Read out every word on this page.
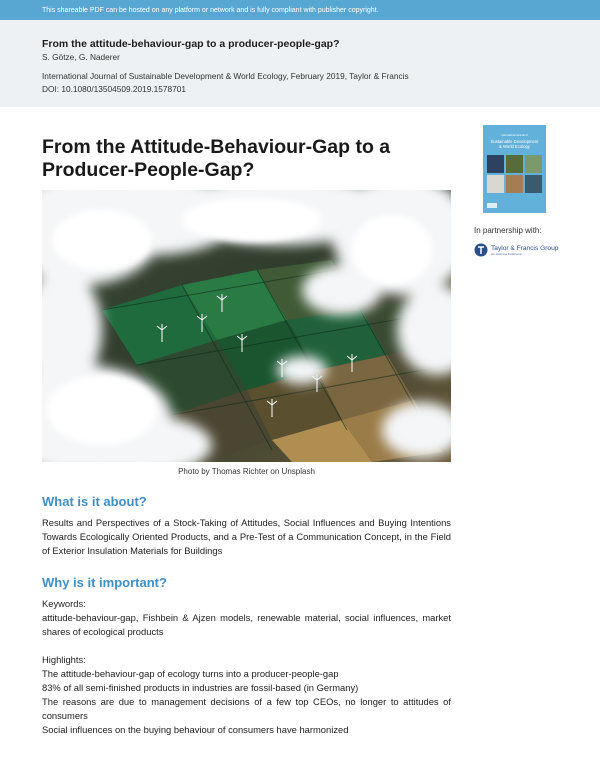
This shareable PDF can be hosted on any platform or network and is fully compliant with publisher copyright.

From the attitude-behaviour-gap to a producer-people-gap?

S. Götze, G. Naderer

International Journal of Sustainable Development & World Ecology, February 2019, Taylor & Francis

DOI: 10.1080/13504509.2019.1578701

From the Attitude-Behaviour-Gap to a Producer-People-Gap?
Photo by Thomas Richter on Unsplash
What is it about?

Results and Perspectives of a Stock-Taking of Attitudes, Social Influences and Buying Intentions Towards Ecologically Oriented Products, and a Pre-Test of a Communication Concept, in the Field of Exterior Insulation Materials for Buildings

Why is it important?

Keywords:

attitude-behaviour-gap, Fishbein & Ajzen models, renewable material, social influences, market shares of ecological products

Highlights:

The attitude-behaviour-gap of ecology turns into a producer-people-gap
83% of all semi-finished products in industries are fossil-based (in Germany)
The reasons are due to management decisions of a few top CEOs, no longer to attitudes of consumers
Social influences on the buying behaviour of consumers have harmonized
International Journal of
Sustainable Development
& World Ecology
In partnership with:
Taylor & Francis Group
an informa business
